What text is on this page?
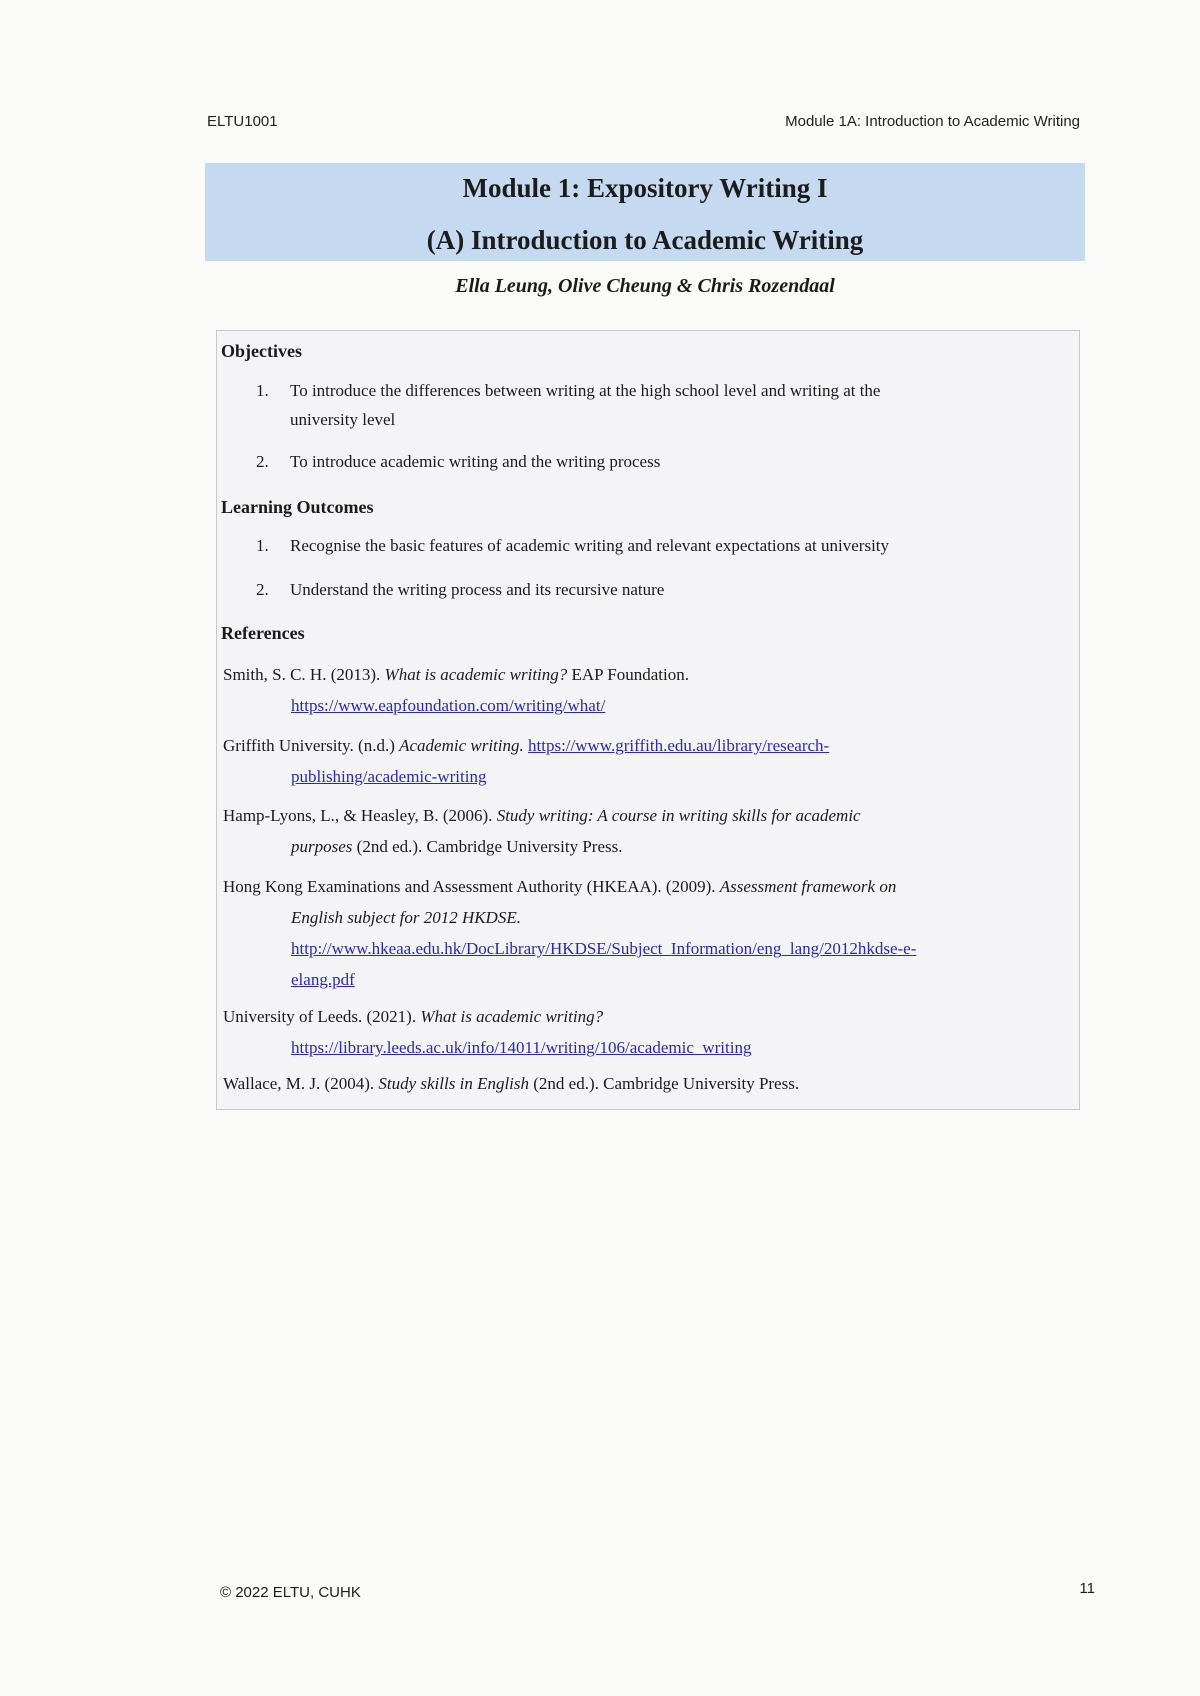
ELTU1001	Module 1A: Introduction to Academic Writing
Module 1: Expository Writing I
(A) Introduction to Academic Writing
Ella Leung, Olive Cheung & Chris Rozendaal
Objectives
1. To introduce the differences between writing at the high school level and writing at the
university level
2. To introduce academic writing and the writing process
Learning Outcomes
1. Recognise the basic features of academic writing and relevant expectations at university
2. Understand the writing process and its recursive nature
References
Smith, S. C. H. (2013). What is academic writing? EAP Foundation.
https://www.eapfoundation.com/writing/what/
Griffith University. (n.d.) Academic writing. https://www.griffith.edu.au/library/research-
publishing/academic-writing
Hamp-Lyons, L., & Heasley, B. (2006). Study writing: A course in writing skills for academic
purposes (2nd ed.). Cambridge University Press.
Hong Kong Examinations and Assessment Authority (HKEAA). (2009). Assessment framework on
English subject for 2012 HKDSE.
http://www.hkeaa.edu.hk/DocLibrary/HKDSE/Subject_Information/eng_lang/2012hkdse-e-
elang.pdf
University of Leeds. (2021). What is academic writing?
https://library.leeds.ac.uk/info/14011/writing/106/academic_writing
Wallace, M. J. (2004). Study skills in English (2nd ed.). Cambridge University Press.
© 2022 ELTU, CUHK	11
